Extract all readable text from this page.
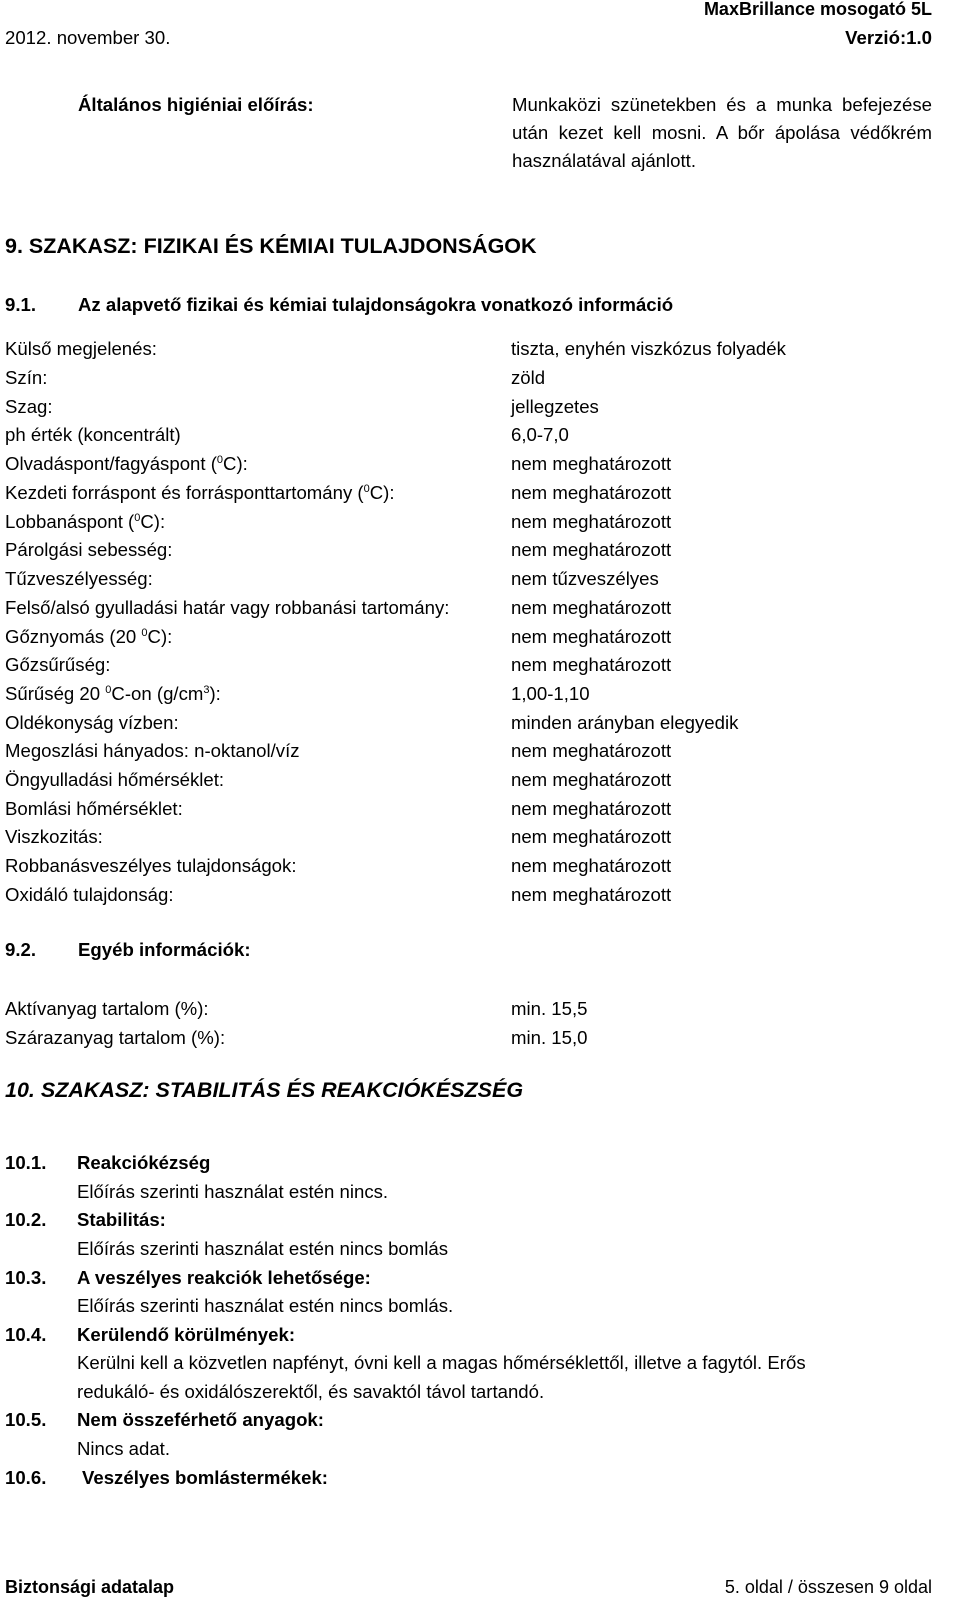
MaxBrillance mosogató 5L
2012. november 30.	Verzió:1.0
Általános higiéniai előírás:	Munkaközi szünetekben és a munka befejezése után kezet kell mosni. A bőr ápolása védőkrém használatával ajánlott.
9. SZAKASZ: FIZIKAI ÉS KÉMIAI TULAJDONSÁGOK
9.1. Az alapvető fizikai és kémiai tulajdonságokra vonatkozó információ
Külső megjelenés:	tiszta, enyhén viszkózus folyadék
Szín:	zöld
Szag:	jellegzetes
ph érték (koncentrált)	6,0-7,0
Olvadáspont/fagyáspont ($^0$C):	nem meghatározott
Kezdeti forráspont és forrásponttartomány ($^0$C):	nem meghatározott
Lobbanáspont ($^0$C):	nem meghatározott
Párolgási sebesség:	nem meghatározott
Tűzveszélyesség:	nem tűzveszélyes
Felső/alsó gyulladási határ vagy robbanási tartomány:	nem meghatározott
Gőznyomás (20 $^0$C):	nem meghatározott
Gőzsűrűség:	nem meghatározott
Sűrűség 20 $^0$C-on $(g/cm^3)$:	1,00-1,10
Oldékonyság vízben:	minden arányban elegyedik
Megoszlási hányados: n-oktanol/víz	nem meghatározott
Öngyulladási hőmérséklet:	nem meghatározott
Bomlási hőmérséklet:	nem meghatározott
Viszkozitás:	nem meghatározott
Robbanásveszélyes tulajdonságok:	nem meghatározott
Oxidáló tulajdonság:	nem meghatározott
9.2. Egyéb információk:
Aktívanyag tartalom (%):	min. 15,5
Szárazanyag tartalom (%):	min. 15,0
10. SZAKASZ: STABILITÁS ÉS REAKCIÓKÉSZSÉG
10.1. Reakciókézség
Előírás szerinti használat estén nincs.
10.2. Stabilitás:
Előírás szerinti használat estén nincs bomlás
10.3. A veszélyes reakciók lehetősége:
Előírás szerinti használat estén nincs bomlás.
10.4. Kerülendő körülmények:
Kerülni kell a közvetlen napfényt, óvni kell a magas hőmérséklettől, illetve a fagytól. Erős
redukáló- és oxidálószerektől, és savaktól távol tartandó.
10.5. Nem összeférhető anyagok:
Nincs adat.
10.6. Veszélyes bomlástermékek:
Biztonsági adatalap	5. oldal / összesen 9 oldal
